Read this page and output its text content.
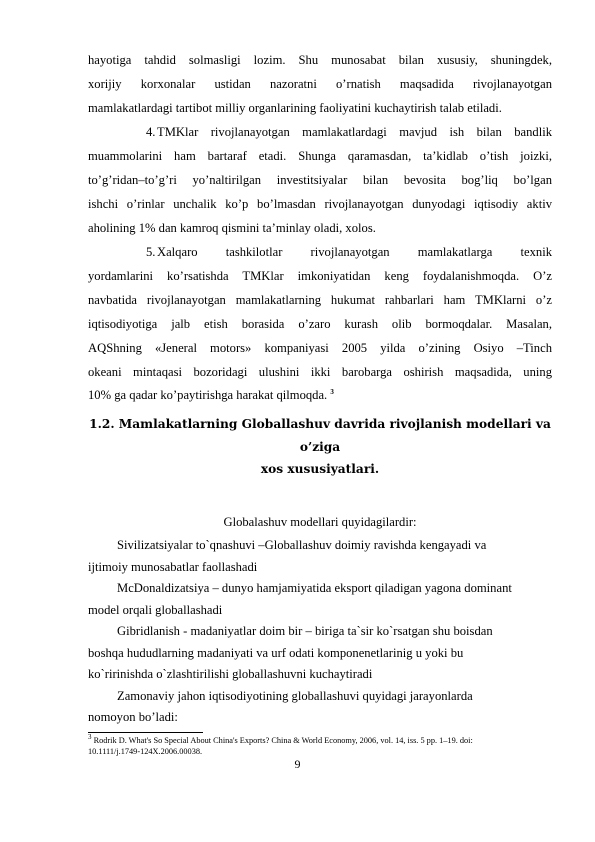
hayotiga tahdid solmasligi lozim. Shu munosabat bilan xususiy, shuningdek,
xorijiy korxonalar ustidan nazoratni o’rnatish maqsadida rivojlanayotgan
mamlakatlardagi tartibot milliy organlarining faoliyatini kuchaytirish talab etiladi.
4. TMKlar rivojlanayotgan mamlakatlardagi mavjud ish bilan bandlik
muammolarini ham bartaraf etadi. Shunga qaramasdan, ta’kidlab o’tish joizki,
to’g’ridan–to’g’ri yo’naltirilgan investitsiyalar bilan bevosita bog’liq bo’lgan
ishchi o’rinlar unchalik ko’p bo’lmasdan rivojlanayotgan dunyodagi iqtisodiy aktiv
aholining 1% dan kamroq qismini ta’minlay oladi, xolos.
5. Xalqaro tashkilotlar rivojlanayotgan mamlakatlarga texnik
yordamlarini ko’rsatishda TMKlar imkoniyatidan keng foydalanishmoqda. O’z
navbatida rivojlanayotgan mamlakatlarning hukumat rahbarlari ham TMKlarni o’z
iqtisodiyotiga jalb etish borasida o’zaro kurash olib bormoqdalar. Masalan,
AQShning «Jeneral motors» kompaniyasi 2005 yilda o’zining Osiyo –Tinch
okeani mintaqasi bozoridagi ulushini ikki barobarga oshirish maqsadida, uning
10% ga qadar ko’paytirishga harakat qilmoqda. $^3$
1.2. Mamlakatlarning Globallashuv davrida rivojlanish modellari va o’ziga
xos xususiyatlari.
Globalashuv modellari quyidagilardir:
Sivilizatsiyalar to`qnashuvi –Globallashuv doimiy ravishda kengayadi va
ijtimoiy munosabatlar faollashadi
McDonaldizatsiya – dunyo hamjamiyatida eksport qiladigan yagona dominant
model orqali globallashadi
Gibridlanish - madaniyatlar doim bir – biriga ta`sir ko`rsatgan shu boisdan
boshqa hududlarning madaniyati va urf odati komponenetlarinig u yoki bu
ko`ririnishda o`zlashtirilishi globallashuvni kuchaytiradi
Zamonaviy jahon iqtisodiyotining globallashuvi quyidagi jarayonlarda
nomoyon bo’ladi:
$^3$ Rodrik D. What's So Special About China's Exports? China & World Economy, 2006, vol. 14, iss. 5 pp. 1–19. doi:
10.1111/j.1749-124X.2006.00038.
9
